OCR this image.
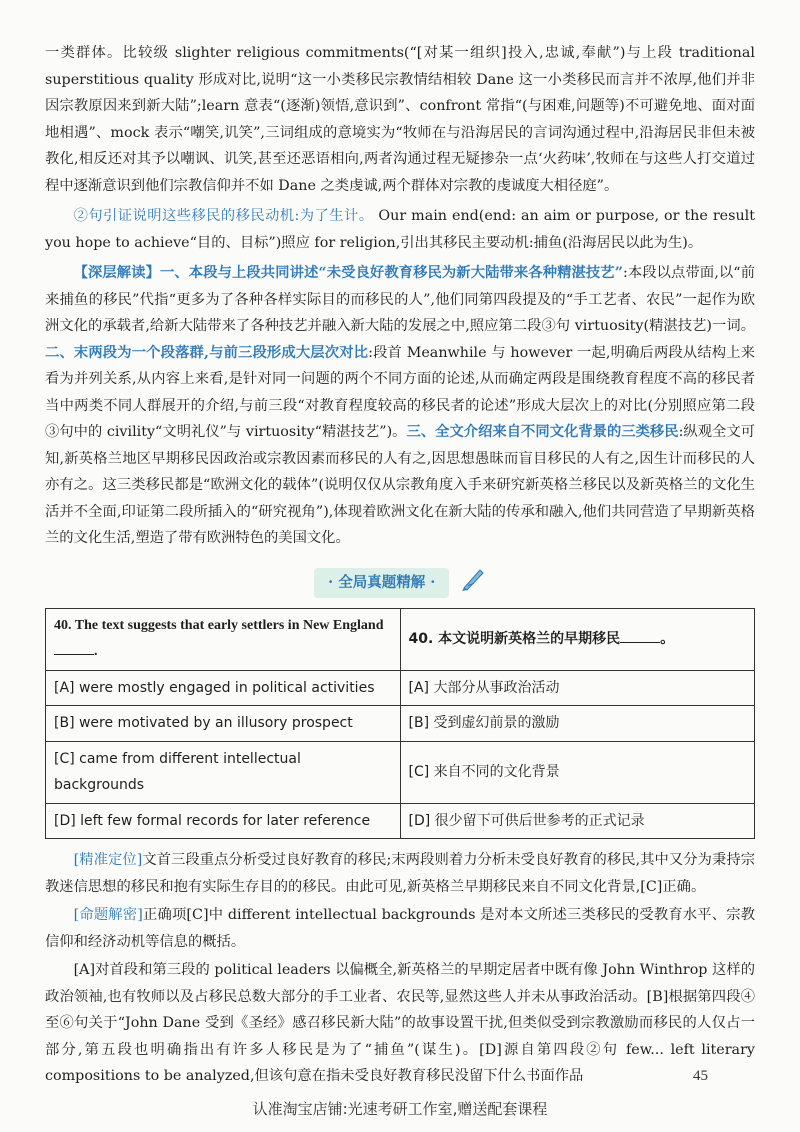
一类群体。比较级 slighter religious commitments(“[对某一组织]投入,忠诚,奉献”)与上段 traditional superstitious quality 形成对比,说明“这一小类移民宗教情结相较 Dane 这一小类移民而言并不浓厚,他们并非因宗教原因来到新大陆”;learn 意表“(逐渐)领悟,意识到”、confront 常指“(与困难,问题等)不可避免地、面对面地相遇”、mock 表示“嘲笑,讥笑”,三词组成的意境实为“牧师在与沿海居民的言词沟通过程中,沿海居民非但未被教化,相反还对其予以嘲讽、讥笑,甚至还恶语相向,两者沟通过程无疑掺杂一点‘火药味’,牧师在与这些人打交道过程中逐渐意识到他们宗教信仰并不如 Dane 之类虔诚,两个群体对宗教的虔诚度大相径庭”。

②句引证说明这些移民的移民动机:为了生计。 Our main end(end: an aim or purpose, or the result you hope to achieve“目的、目标”)照应 for religion,引出其移民主要动机:捕鱼(沿海居民以此为生)。

【深层解读】一、本段与上段共同讲述“未受良好教育移民为新大陆带来各种精湛技艺”:本段以点带面,以“前来捕鱼的移民”代指“更多为了各种各样实际目的而移民的人”,他们同第四段提及的“手工艺者、农民”一起作为欧洲文化的承载者,给新大陆带来了各种技艺并融入新大陆的发展之中,照应第二段③句 virtuosity(精湛技艺)一词。二、末两段为一个段落群,与前三段形成大层次对比:段首 Meanwhile 与 however 一起,明确后两段从结构上来看为并列关系,从内容上来看,是针对同一问题的两个不同方面的论述,从而确定两段是围绕教育程度不高的移民者当中两类不同人群展开的介绍,与前三段“对教育程度较高的移民者的论述”形成大层次上的对比(分别照应第二段③句中的 civility“文明礼仪”与 virtuosity“精湛技艺”)。三、全文介绍来自不同文化背景的三类移民:纵观全文可知,新英格兰地区早期移民因政治或宗教因素而移民的人有之,因思想愚昧而盲目移民的人有之,因生计而移民的人亦有之。这三类移民都是“欧洲文化的载体”(说明仅仅从宗教角度入手来研究新英格兰移民以及新英格兰的文化生活并不全面,印证第二段所插入的“研究视角”),体现着欧洲文化在新大陆的传承和融入,他们共同营造了早期新英格兰的文化生活,塑造了带有欧洲特色的美国文化。

· 全局真题精解 ·
40. The text suggests that early settlers in New England .	40. 本文说明新英格兰的早期移民 。
[A] were mostly engaged in political activities	[A] 大部分从事政治活动
[B] were motivated by an illusory prospect	[B] 受到虚幻前景的激励
[C] came from different intellectual backgrounds	[C] 来自不同的文化背景
[D] left few formal records for later reference	[D] 很少留下可供后世参考的正式记录

[精准定位]文首三段重点分析受过良好教育的移民;末两段则着力分析未受良好教育的移民,其中又分为秉持宗教迷信思想的移民和抱有实际生存目的的移民。由此可见,新英格兰早期移民来自不同文化背景,[C]正确。

[命题解密]正确项[C]中 different intellectual backgrounds 是对本文所述三类移民的受教育水平、宗教信仰和经济动机等信息的概括。

[A]对首段和第三段的 political leaders 以偏概全,新英格兰的早期定居者中既有像 John Winthrop 这样的政治领袖,也有牧师以及占移民总数大部分的手工业者、农民等,显然这些人并未从事政治活动。[B]根据第四段④至⑥句关于“John Dane 受到《圣经》感召移民新大陆”的故事设置干扰,但类似受到宗教激励而移民的人仅占一部分,第五段也明确指出有许多人移民是为了“捕鱼”(谋生)。[D]源自第四段②句 few... left literary compositions to be analyzed,但该句意在指未受良好教育移民没留下什么书面作品	45
认准淘宝店铺:光速考研工作室,赠送配套课程
